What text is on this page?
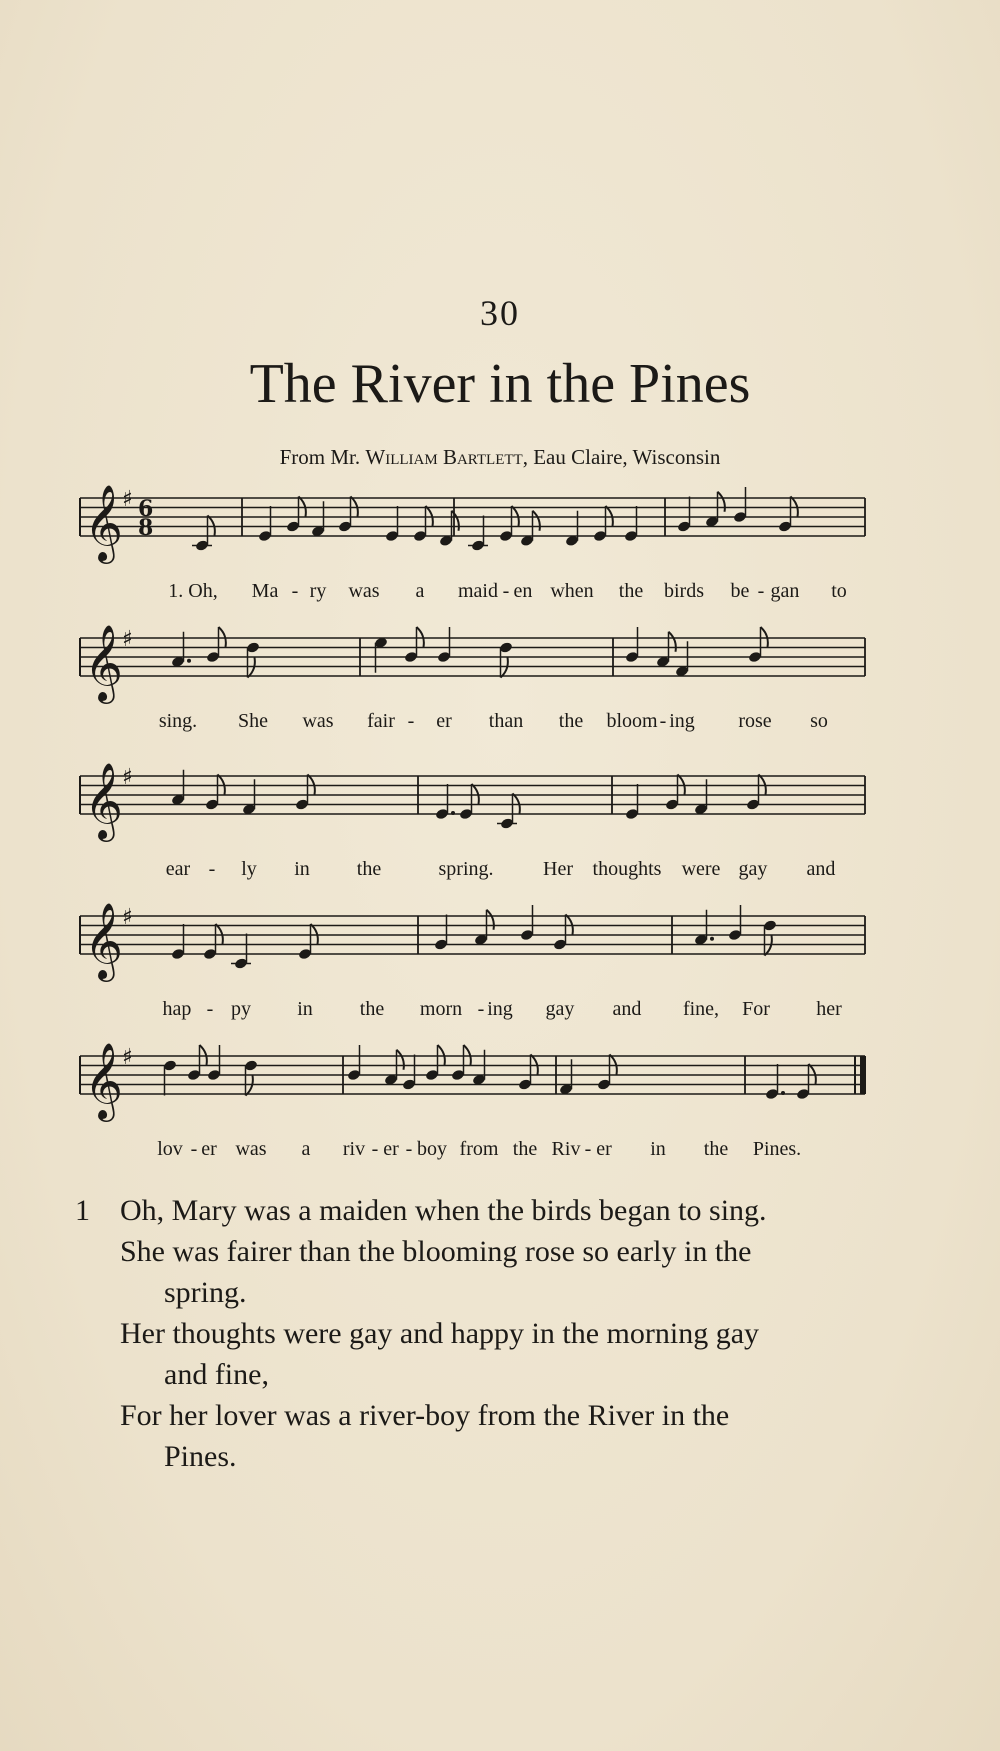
30
The River in the Pines
From Mr. William Bartlett, Eau Claire, Wisconsin
𝄞
♯ 6
8
1. Oh, Ma - ry was a maid - en when the birds be - gan to
𝄞
♯
sing. She was fair - er than the bloom - ing rose so
𝄞
♯
ear - ly in the	spring. Her thoughts were gay and
𝄞
♯
hap - py in the morn - ing gay and fine, For her
𝄞
♯
lov - er was a riv - er - boy from the Riv - er in the Pines.
1 Oh, Mary was a maiden when the birds began to sing.
She was fairer than the blooming rose so early in the
spring.
Her thoughts were gay and happy in the morning gay
and fine,
For her lover was a river-boy from the River in the
Pines.
